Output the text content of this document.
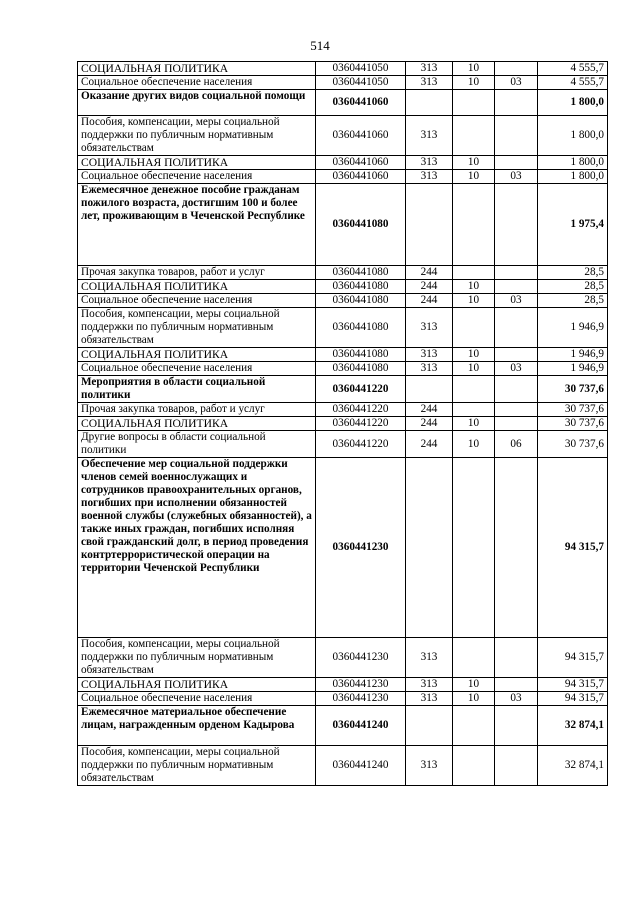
514
СОЦИАЛЬНАЯ ПОЛИТИКА	0360441050	313	10		4 555,7
Социальное обеспечение населения	0360441050	313	10	03	4 555,7
Оказание других видов социальной помощи	0360441060				1 800,0
Пособия, компенсации, меры социальной поддержки по публичным нормативным обязательствам	0360441060	313			1 800,0
СОЦИАЛЬНАЯ ПОЛИТИКА	0360441060	313	10		1 800,0
Социальное обеспечение населения	0360441060	313	10	03	1 800,0
Ежемесячное денежное пособие гражданам пожилого возраста, достигшим 100 и более лет, проживающим в Чеченской Республике	0360441080				1 975,4
Прочая закупка товаров, работ и услуг	0360441080	244			28,5
СОЦИАЛЬНАЯ ПОЛИТИКА	0360441080	244	10		28,5
Социальное обеспечение населения	0360441080	244	10	03	28,5
Пособия, компенсации, меры социальной поддержки по публичным нормативным обязательствам	0360441080	313			1 946,9
СОЦИАЛЬНАЯ ПОЛИТИКА	0360441080	313	10		1 946,9
Социальное обеспечение населения	0360441080	313	10	03	1 946,9
Мероприятия в области социальной политики	0360441220				30 737,6
Прочая закупка товаров, работ и услуг	0360441220	244			30 737,6
СОЦИАЛЬНАЯ ПОЛИТИКА	0360441220	244	10		30 737,6
Другие вопросы в области социальной политики	0360441220	244	10	06	30 737,6
Обеспечение мер социальной поддержки членов семей военнослужащих и сотрудников правоохранительных органов, погибших при исполнении обязанностей военной службы (служебных обязанностей), а также иных граждан, погибших исполняя свой гражданский долг, в период проведения контртеррористической операции на территории Чеченской Республики	0360441230				94 315,7
Пособия, компенсации, меры социальной поддержки по публичным нормативным обязательствам	0360441230	313			94 315,7
СОЦИАЛЬНАЯ ПОЛИТИКА	0360441230	313	10		94 315,7
Социальное обеспечение населения	0360441230	313	10	03	94 315,7
Ежемесячное материальное обеспечение лицам, награжденным орденом Кадырова	0360441240				32 874,1
Пособия, компенсации, меры социальной поддержки по публичным нормативным обязательствам	0360441240	313			32 874,1
